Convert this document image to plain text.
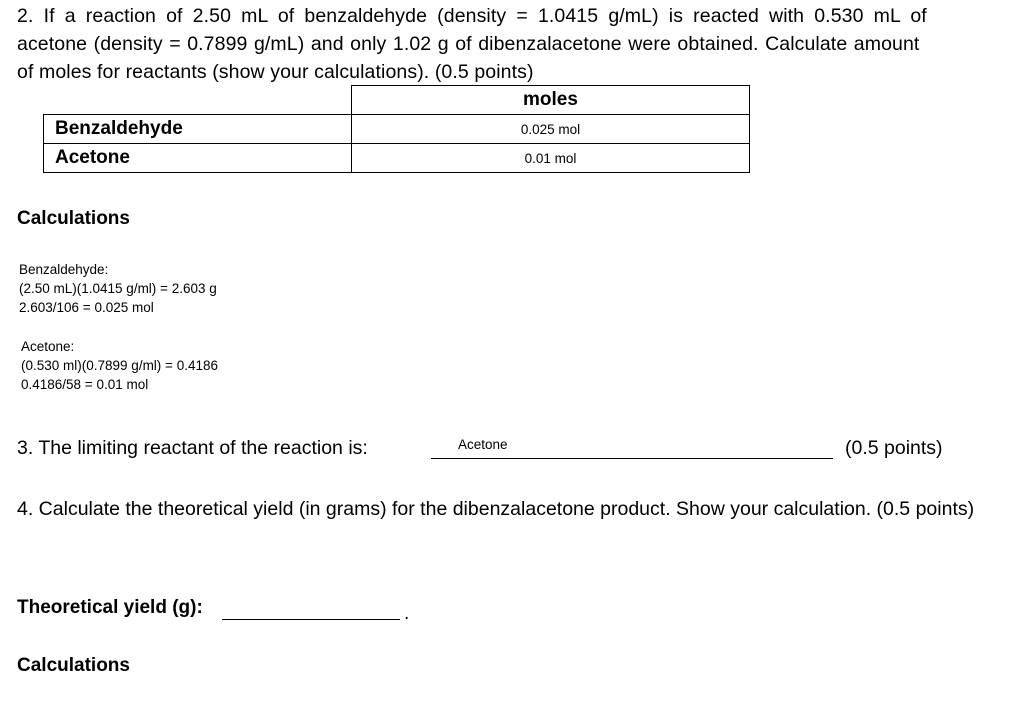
2. If a reaction of 2.50 mL of benzaldehyde (density = 1.0415 g/mL) is reacted with 0.530 mL of
acetone (density = 0.7899 g/mL) and only 1.02 g of dibenzalacetone were obtained. Calculate amount
of moles for reactants (show your calculations). (0.5 points)
	moles
Benzaldehyde	0.025 mol
Acetone	0.01 mol
Calculations
Benzaldehyde:
(2.50 mL)(1.0415 g/ml) = 2.603 g
2.603/106 = 0.025 mol
Acetone:
(0.530 ml)(0.7899 g/ml) = 0.4186
0.4186/58 = 0.01 mol
3. The limiting reactant of the reaction is:	Acetone	(0.5 points)
4. Calculate the theoretical yield (in grams) for the dibenzalacetone product. Show your calculation. (0.5 points)
Theoretical yield (g):	.
Calculations
